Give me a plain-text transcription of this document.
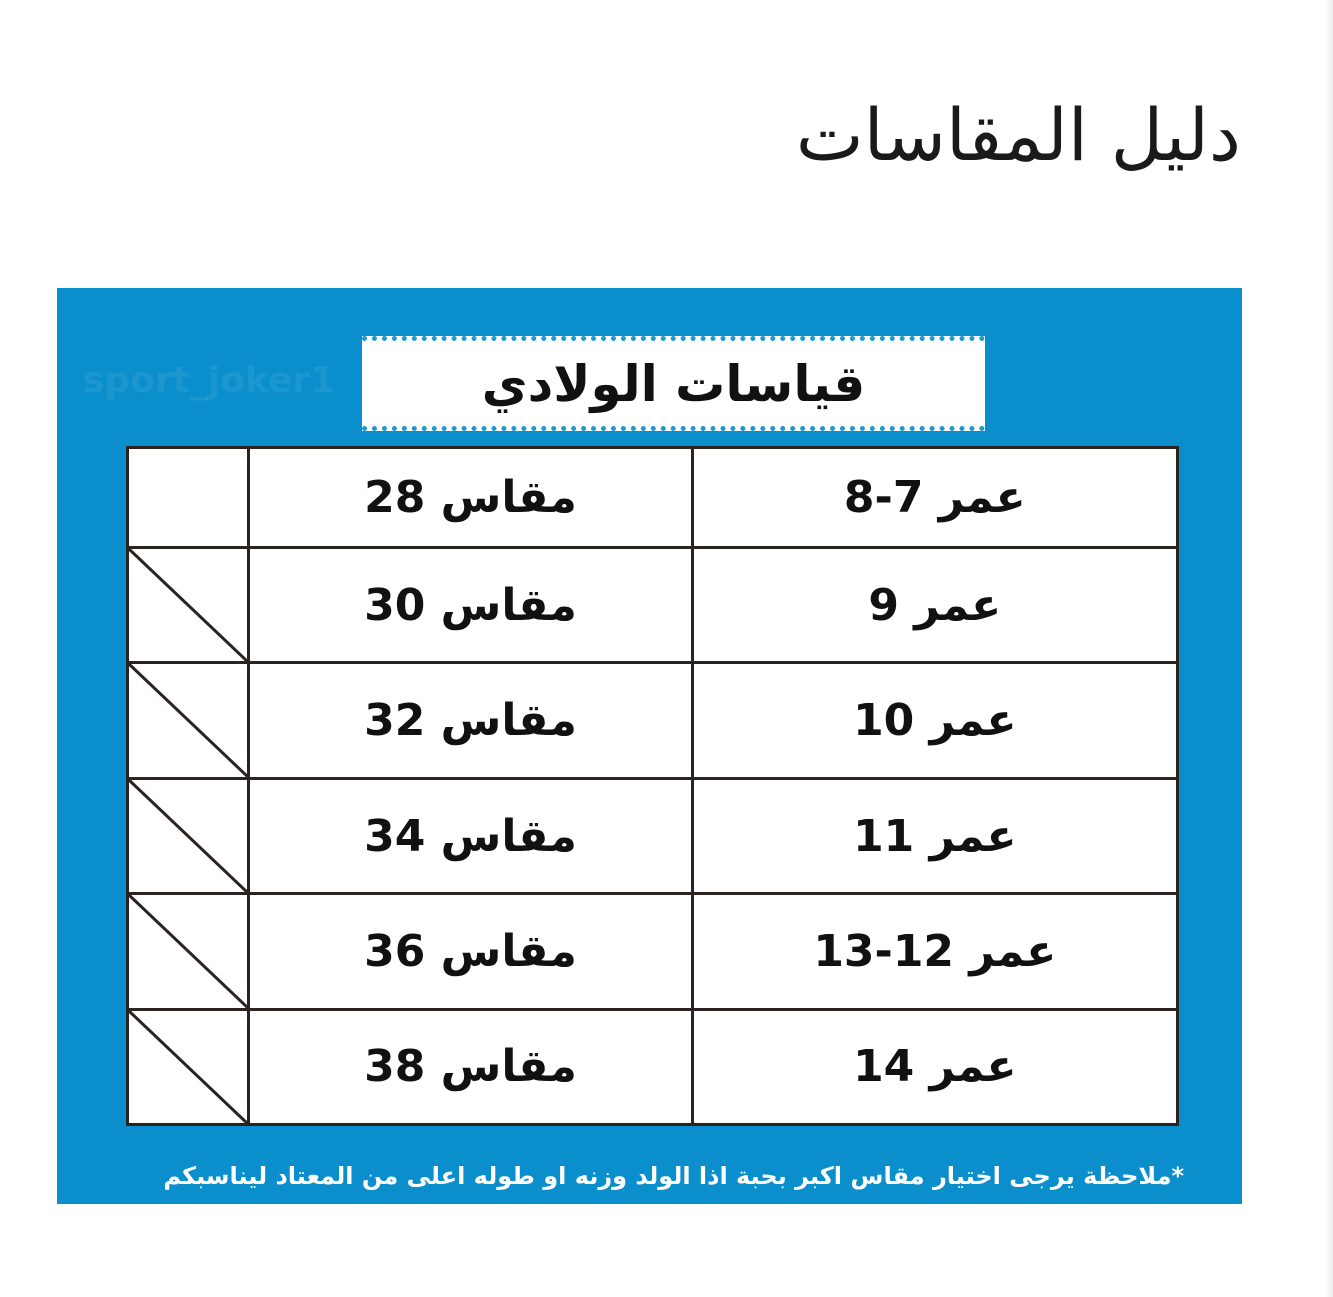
دليل المقاسات
sport_joker1	قياسات الولادي
	مقاس 28	عمر 7-8

	مقاس 30	عمر 9

	مقاس 32	عمر 10

	مقاس 34	عمر 11

	مقاس 36	عمر 12-13

	مقاس 38	عمر 14

*ملاحظة يرجى اختيار مقاس اكبر بحبة اذا الولد وزنه او طوله اعلى من المعتاد ليناسبكم
